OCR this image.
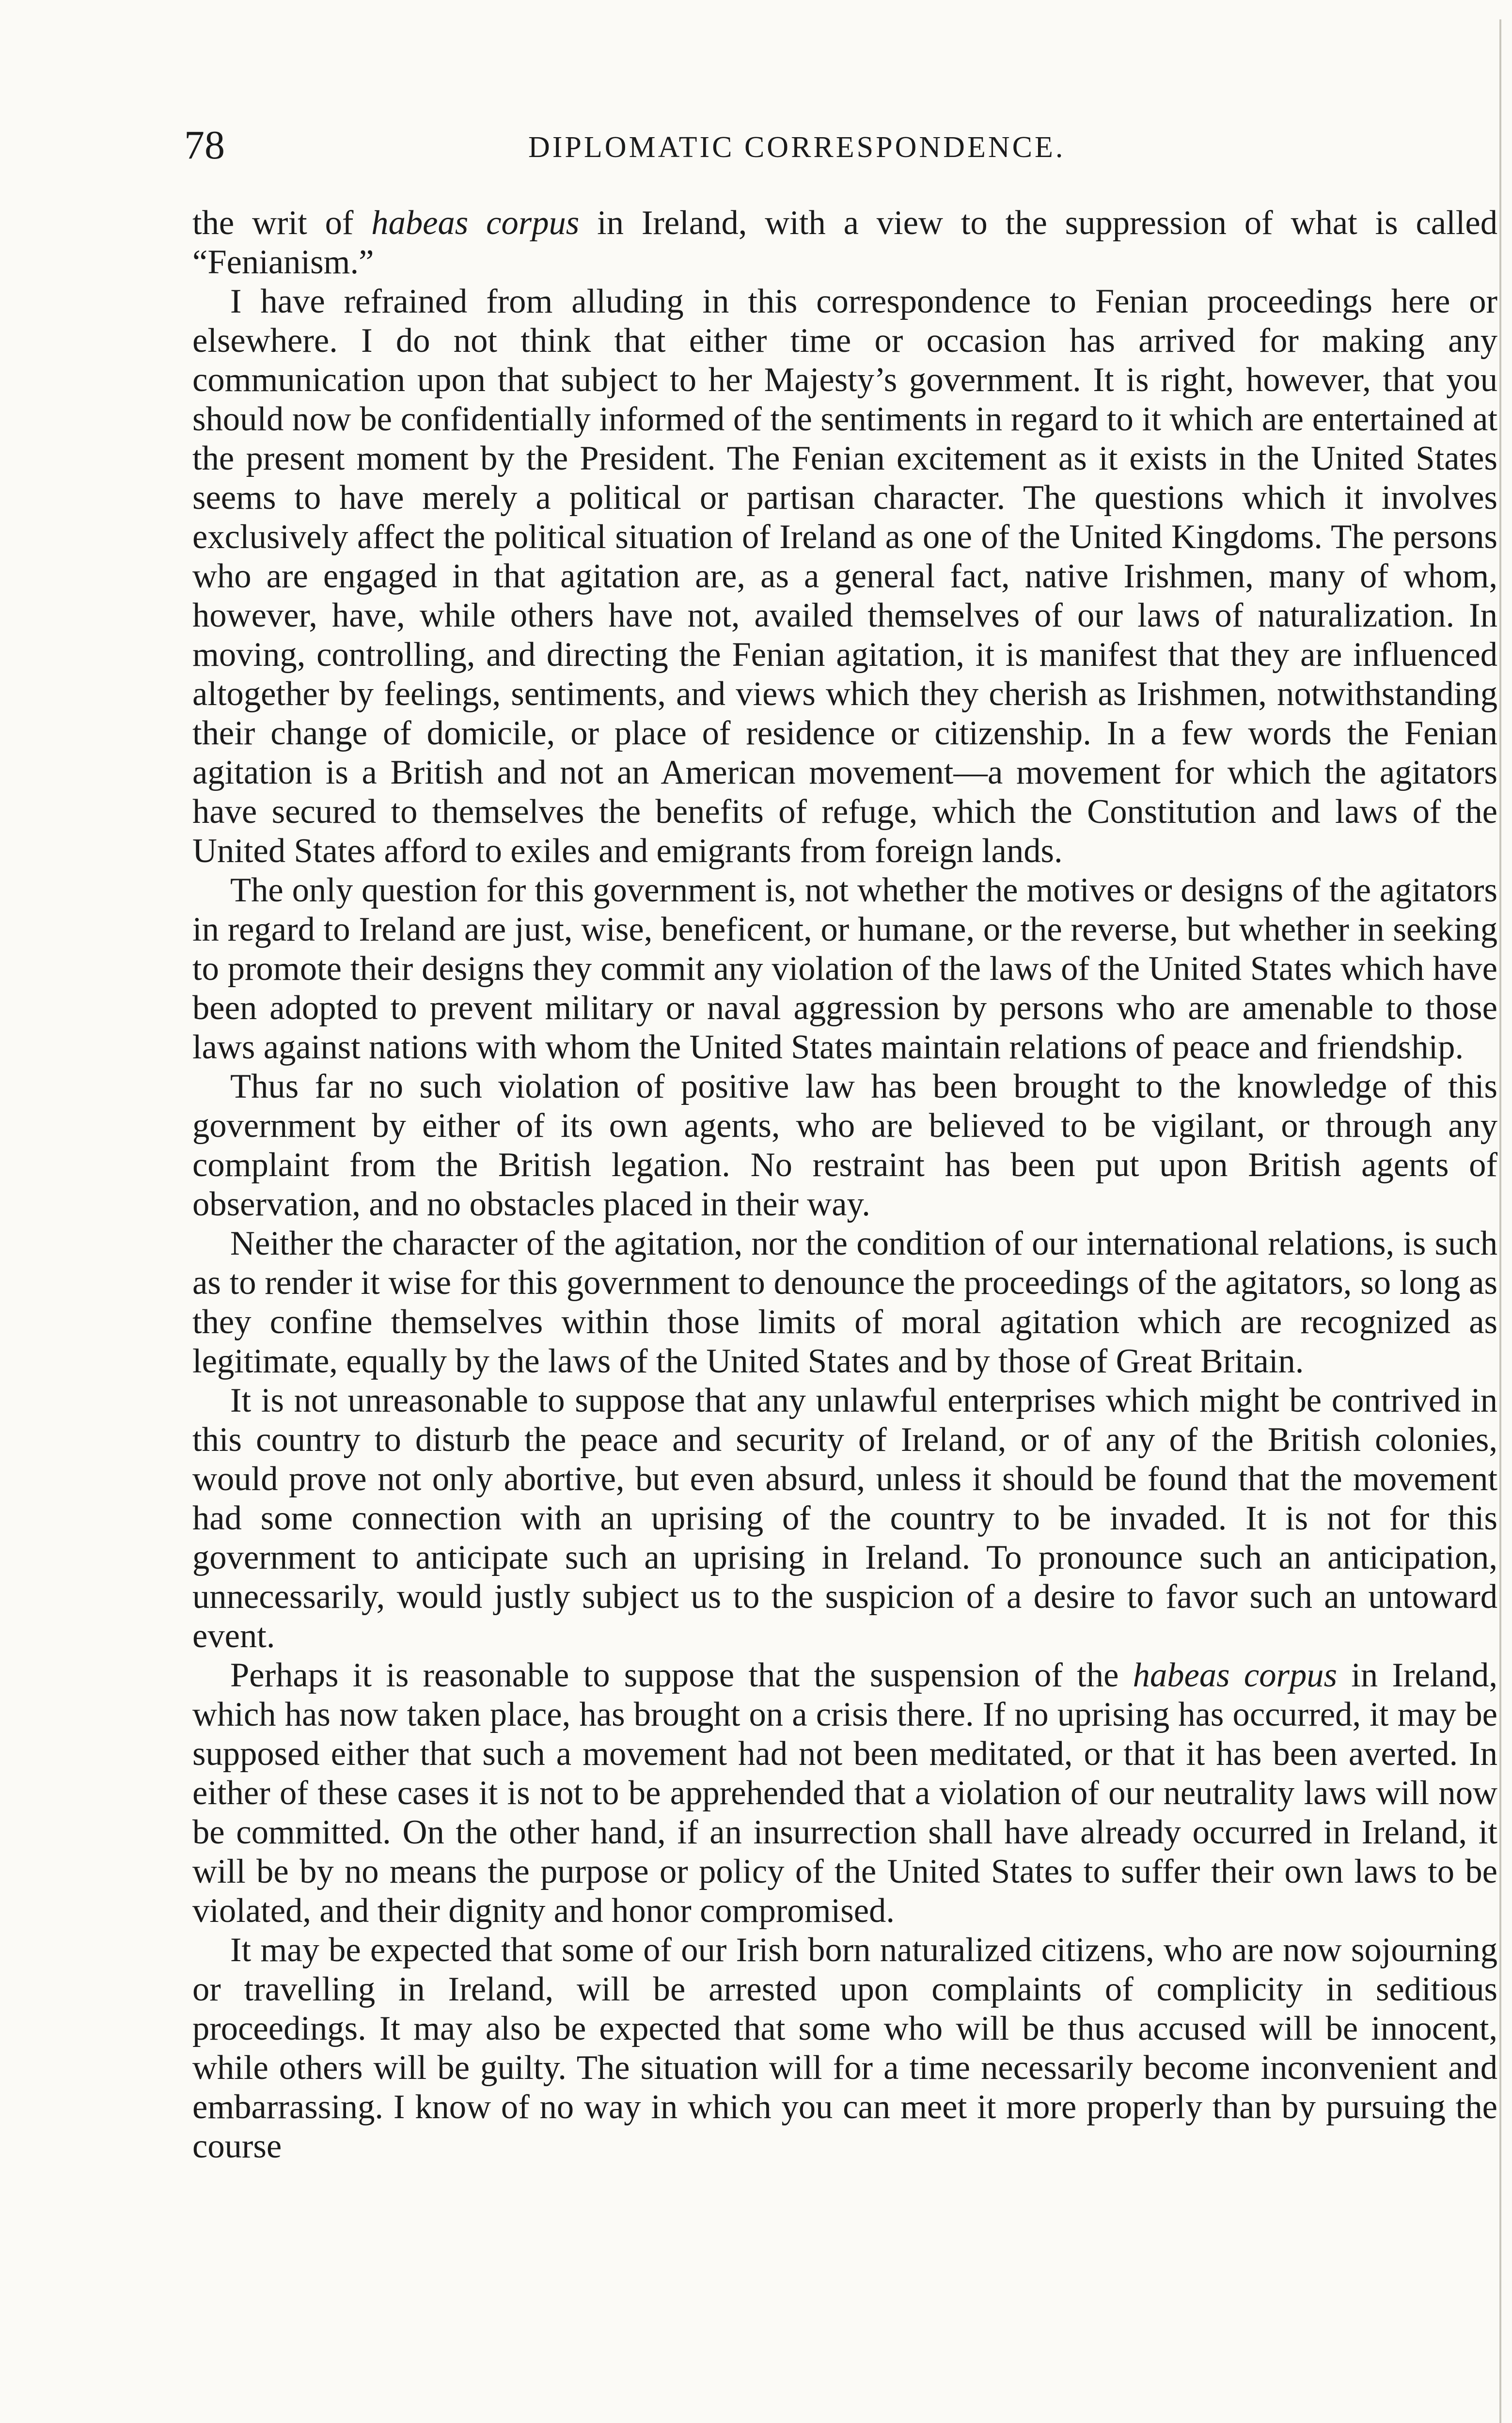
78	DIPLOMATIC CORRESPONDENCE.

the writ of habeas corpus in Ireland, with a view to the suppression of what is called “Fenianism.”

I have refrained from alluding in this correspondence to Fenian proceedings here or elsewhere. I do not think that either time or occasion has arrived for making any communication upon that subject to her Majesty’s government. It is right, however, that you should now be confidentially informed of the sentiments in regard to it which are entertained at the present moment by the President. The Fenian excitement as it exists in the United States seems to have merely a political or partisan character. The questions which it involves exclusively affect the political situation of Ireland as one of the United Kingdoms. The persons who are engaged in that agitation are, as a general fact, native Irishmen, many of whom, however, have, while others have not, availed themselves of our laws of naturalization. In moving, controlling, and directing the Fenian agitation, it is manifest that they are influenced altogether by feelings, sentiments, and views which they cherish as Irishmen, notwithstanding their change of domicile, or place of residence or citizenship. In a few words the Fenian agitation is a British and not an American movement—a movement for which the agitators have secured to themselves the benefits of refuge, which the Constitution and laws of the United States afford to exiles and emigrants from foreign lands.

The only question for this government is, not whether the motives or designs of the agitators in regard to Ireland are just, wise, beneficent, or humane, or the reverse, but whether in seeking to promote their designs they commit any violation of the laws of the United States which have been adopted to prevent military or naval aggression by persons who are amenable to those laws against nations with whom the United States maintain relations of peace and friendship.

Thus far no such violation of positive law has been brought to the knowledge of this government by either of its own agents, who are believed to be vigilant, or through any complaint from the British legation. No restraint has been put upon British agents of observation, and no obstacles placed in their way.

Neither the character of the agitation, nor the condition of our international relations, is such as to render it wise for this government to denounce the proceedings of the agitators, so long as they confine themselves within those limits of moral agitation which are recognized as legitimate, equally by the laws of the United States and by those of Great Britain.

It is not unreasonable to suppose that any unlawful enterprises which might be contrived in this country to disturb the peace and security of Ireland, or of any of the British colonies, would prove not only abortive, but even absurd, unless it should be found that the movement had some connection with an uprising of the country to be invaded. It is not for this government to anticipate such an uprising in Ireland. To pronounce such an anticipation, unnecessarily, would justly subject us to the suspicion of a desire to favor such an untoward event.

Perhaps it is reasonable to suppose that the suspension of the habeas corpus in Ireland, which has now taken place, has brought on a crisis there. If no uprising has occurred, it may be supposed either that such a movement had not been meditated, or that it has been averted. In either of these cases it is not to be apprehended that a violation of our neutrality laws will now be committed. On the other hand, if an insurrection shall have already occurred in Ireland, it will be by no means the purpose or policy of the United States to suffer their own laws to be violated, and their dignity and honor compromised.

It may be expected that some of our Irish born naturalized citizens, who are now sojourning or travelling in Ireland, will be arrested upon complaints of complicity in seditious proceedings. It may also be expected that some who will be thus accused will be innocent, while others will be guilty. The situation will for a time necessarily become inconvenient and embarrassing. I know of no way in which you can meet it more properly than by pursuing the course
